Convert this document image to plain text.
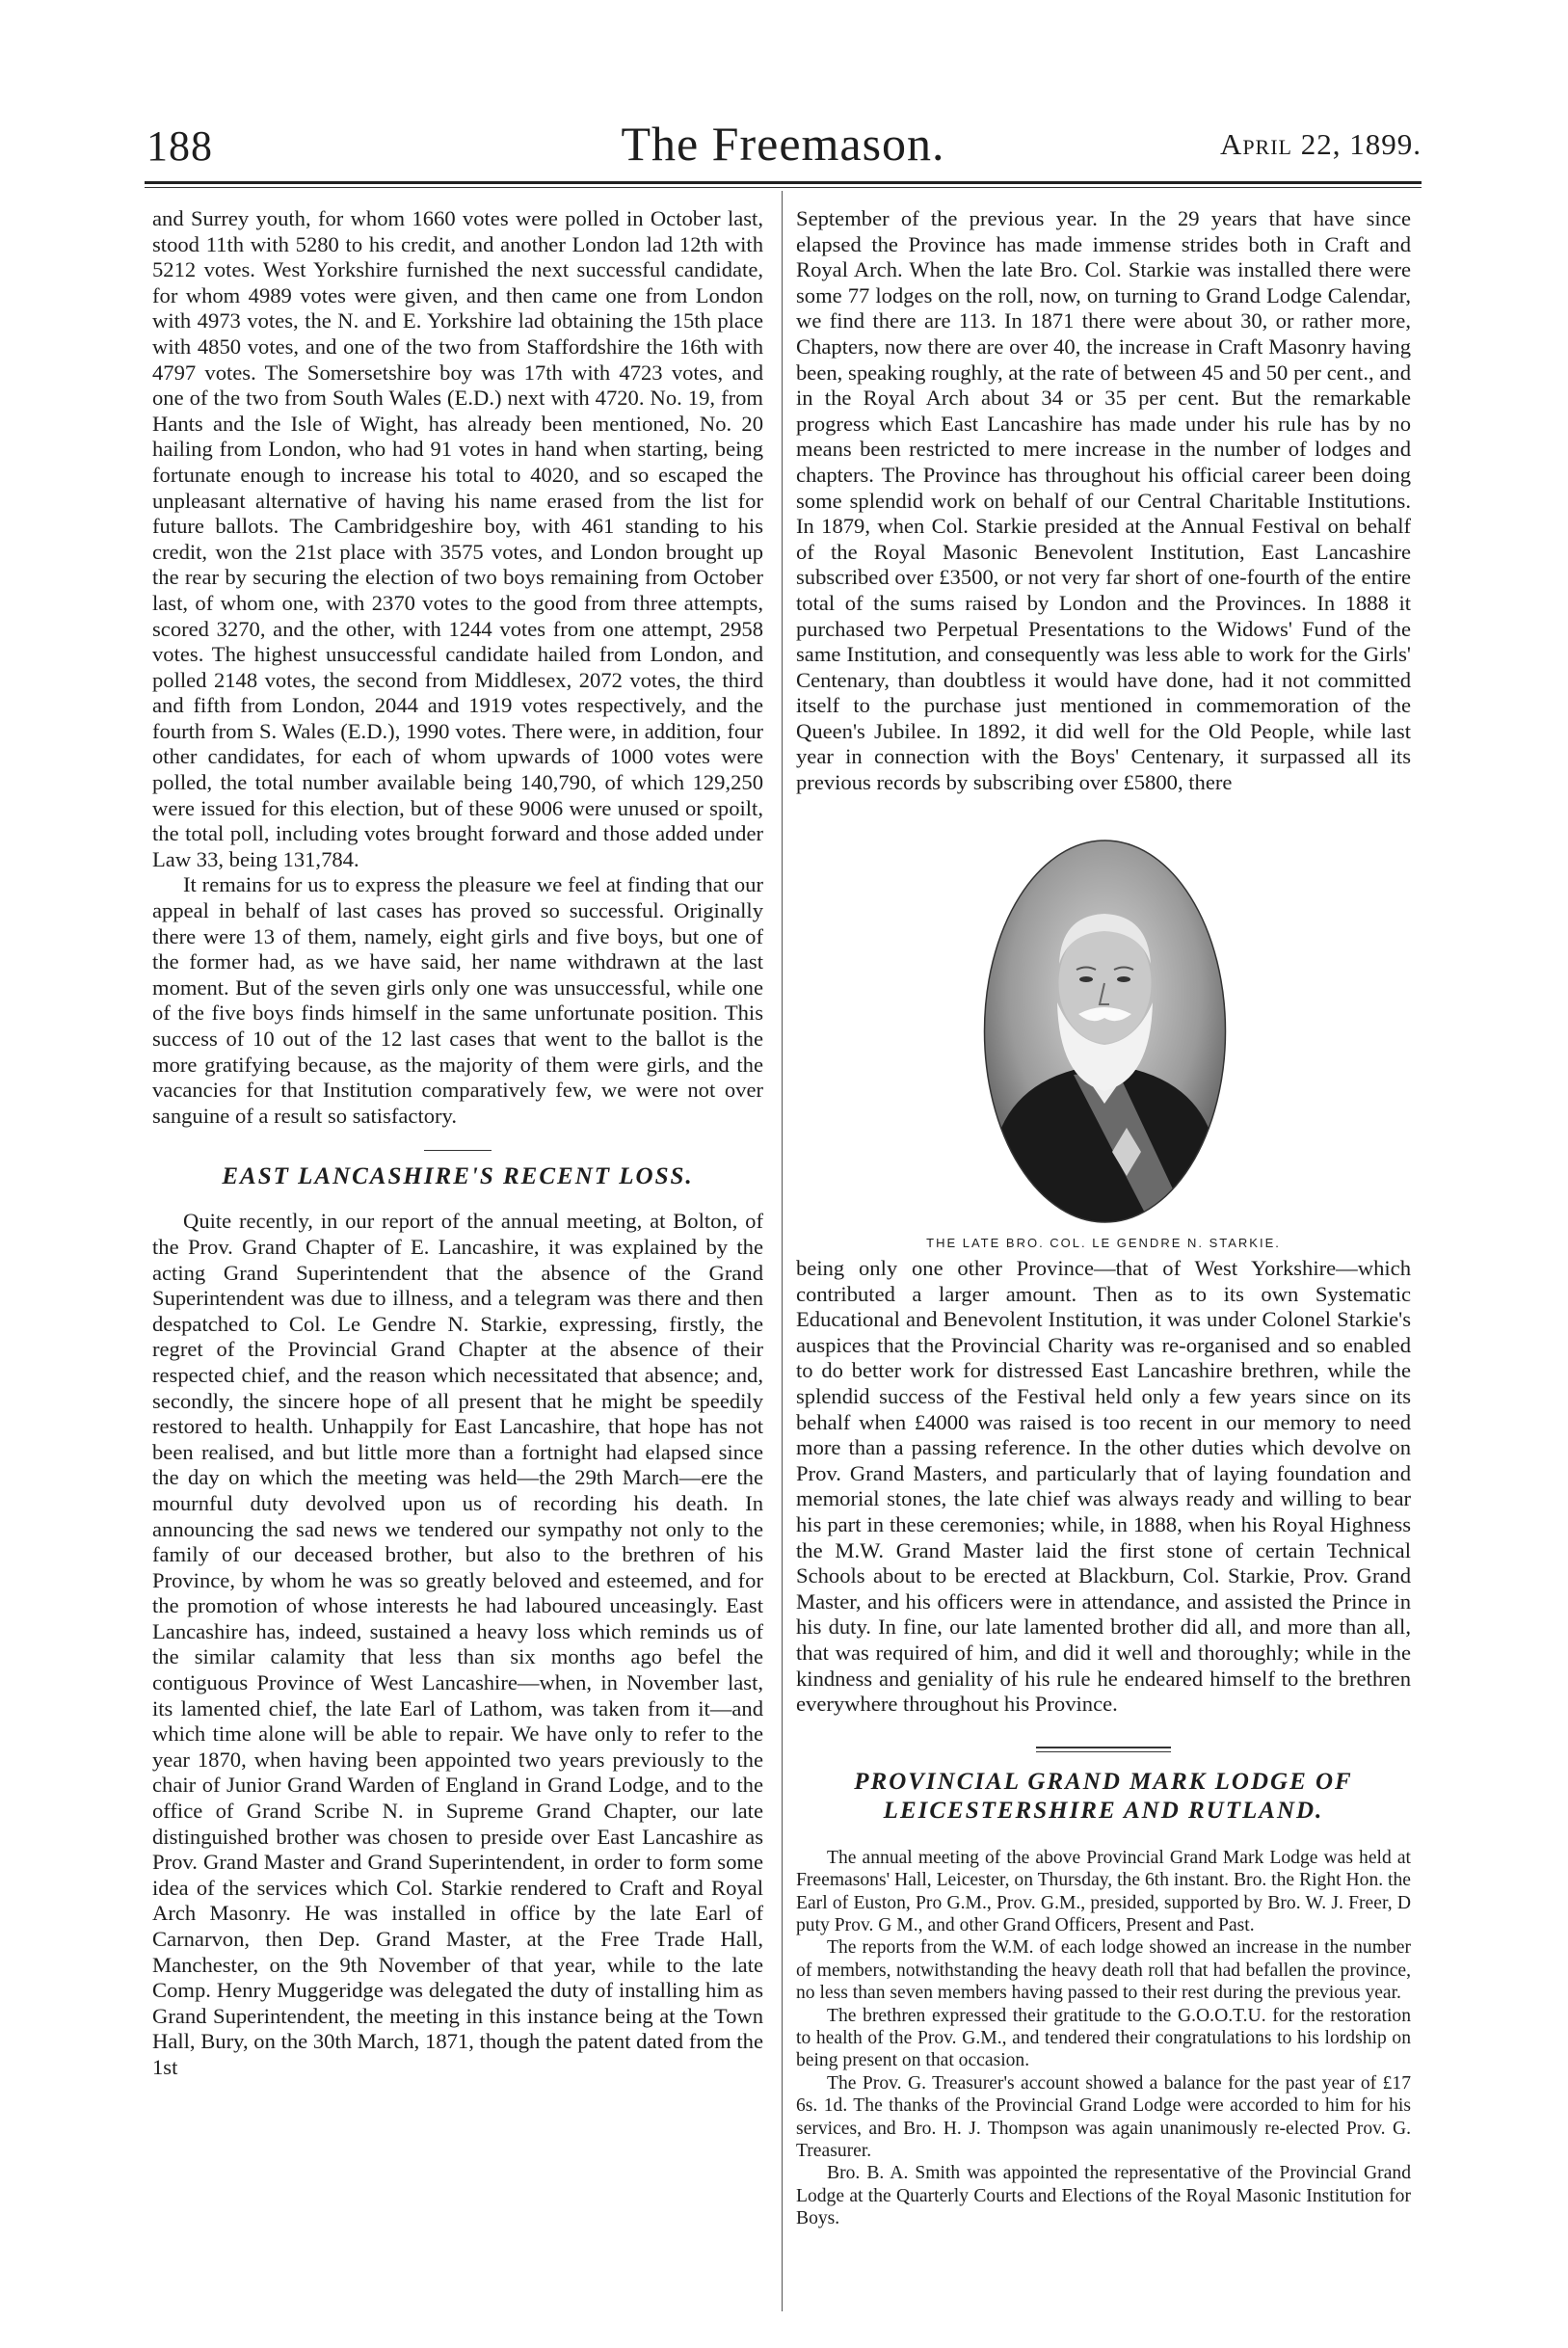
188	The Freemason.	April 22, 1899.

and Surrey youth, for whom 1660 votes were polled in October last, stood 11th with 5280 to his credit, and another London lad 12th with 5212 votes. West Yorkshire furnished the next successful candidate, for whom 4989 votes were given, and then came one from London with 4973 votes, the N. and E. Yorkshire lad obtaining the 15th place with 4850 votes, and one of the two from Staffordshire the 16th with 4797 votes. The Somersetshire boy was 17th with 4723 votes, and one of the two from South Wales (E.D.) next with 4720. No. 19, from Hants and the Isle of Wight, has already been mentioned, No. 20 hailing from London, who had 91 votes in hand when starting, being fortunate enough to increase his total to 4020, and so escaped the unpleasant alternative of having his name erased from the list for future ballots. The Cambridgeshire boy, with 461 standing to his credit, won the 21st place with 3575 votes, and London brought up the rear by securing the election of two boys remaining from October last, of whom one, with 2370 votes to the good from three attempts, scored 3270, and the other, with 1244 votes from one attempt, 2958 votes. The highest unsuccessful candidate hailed from London, and polled 2148 votes, the second from Middlesex, 2072 votes, the third and fifth from London, 2044 and 1919 votes respectively, and the fourth from S. Wales (E.D.), 1990 votes. There were, in addition, four other candidates, for each of whom upwards of 1000 votes were polled, the total number available being 140,790, of which 129,250 were issued for this election, but of these 9006 were unused or spoilt, the total poll, including votes brought forward and those added under Law 33, being 131,784.

It remains for us to express the pleasure we feel at finding that our appeal in behalf of last cases has proved so successful. Originally there were 13 of them, namely, eight girls and five boys, but one of the former had, as we have said, her name withdrawn at the last moment. But of the seven girls only one was unsuccessful, while one of the five boys finds himself in the same unfortunate position. This success of 10 out of the 12 last cases that went to the ballot is the more gratifying because, as the majority of them were girls, and the vacancies for that Institution comparatively few, we were not over sanguine of a result so satisfactory.

EAST LANCASHIRE'S RECENT LOSS.

Quite recently, in our report of the annual meeting, at Bolton, of the Prov. Grand Chapter of E. Lancashire, it was explained by the acting Grand Superintendent that the absence of the Grand Superintendent was due to illness, and a telegram was there and then despatched to Col. Le Gendre N. Starkie, expressing, firstly, the regret of the Provincial Grand Chapter at the absence of their respected chief, and the reason which necessitated that absence; and, secondly, the sincere hope of all present that he might be speedily restored to health. Unhappily for East Lancashire, that hope has not been realised, and but little more than a fortnight had elapsed since the day on which the meeting was held—the 29th March—ere the mournful duty devolved upon us of recording his death. In announcing the sad news we tendered our sympathy not only to the family of our deceased brother, but also to the brethren of his Province, by whom he was so greatly beloved and esteemed, and for the promotion of whose interests he had laboured unceasingly. East Lancashire has, indeed, sustained a heavy loss which reminds us of the similar calamity that less than six months ago befel the contiguous Province of West Lancashire—when, in November last, its lamented chief, the late Earl of Lathom, was taken from it—and which time alone will be able to repair. We have only to refer to the year 1870, when having been appointed two years previously to the chair of Junior Grand Warden of England in Grand Lodge, and to the office of Grand Scribe N. in Supreme Grand Chapter, our late distinguished brother was chosen to preside over East Lancashire as Prov. Grand Master and Grand Superintendent, in order to form some idea of the services which Col. Starkie rendered to Craft and Royal Arch Masonry. He was installed in office by the late Earl of Carnarvon, then Dep. Grand Master, at the Free Trade Hall, Manchester, on the 9th November of that year, while to the late Comp. Henry Muggeridge was delegated the duty of installing him as Grand Superintendent, the meeting in this instance being at the Town Hall, Bury, on the 30th March, 1871, though the patent dated from the 1st

September of the previous year. In the 29 years that have since elapsed the Province has made immense strides both in Craft and Royal Arch. When the late Bro. Col. Starkie was installed there were some 77 lodges on the roll, now, on turning to Grand Lodge Calendar, we find there are 113. In 1871 there were about 30, or rather more, Chapters, now there are over 40, the increase in Craft Masonry having been, speaking roughly, at the rate of between 45 and 50 per cent., and in the Royal Arch about 34 or 35 per cent. But the remarkable progress which East Lancashire has made under his rule has by no means been restricted to mere increase in the number of lodges and chapters. The Province has throughout his official career been doing some splendid work on behalf of our Central Charitable Institutions. In 1879, when Col. Starkie presided at the Annual Festival on behalf of the Royal Masonic Benevolent Institution, East Lancashire subscribed over £3500, or not very far short of one-fourth of the entire total of the sums raised by London and the Provinces. In 1888 it purchased two Perpetual Presentations to the Widows' Fund of the same Institution, and consequently was less able to work for the Girls' Centenary, than doubtless it would have done, had it not committed itself to the purchase just mentioned in commemoration of the Queen's Jubilee. In 1892, it did well for the Old People, while last year in connection with the Boys' Centenary, it surpassed all its previous records by subscribing over £5800, there

THE LATE BRO. COL. LE GENDRE N. STARKIE.

being only one other Province—that of West Yorkshire—which contributed a larger amount. Then as to its own Systematic Educational and Benevolent Institution, it was under Colonel Starkie's auspices that the Provincial Charity was re-organised and so enabled to do better work for distressed East Lancashire brethren, while the splendid success of the Festival held only a few years since on its behalf when £4000 was raised is too recent in our memory to need more than a passing reference. In the other duties which devolve on Prov. Grand Masters, and particularly that of laying foundation and memorial stones, the late chief was always ready and willing to bear his part in these ceremonies; while, in 1888, when his Royal Highness the M.W. Grand Master laid the first stone of certain Technical Schools about to be erected at Blackburn, Col. Starkie, Prov. Grand Master, and his officers were in attendance, and assisted the Prince in his duty. In fine, our late lamented brother did all, and more than all, that was required of him, and did it well and thoroughly; while in the kindness and geniality of his rule he endeared himself to the brethren everywhere throughout his Province.

PROVINCIAL GRAND MARK LODGE OF LEICESTERSHIRE AND RUTLAND.

The annual meeting of the above Provincial Grand Mark Lodge was held at Freemasons' Hall, Leicester, on Thursday, the 6th instant. Bro. the Right Hon. the Earl of Euston, Pro G.M., Prov. G.M., presided, supported by Bro. W. J. Freer, D puty Prov. G M., and other Grand Officers, Present and Past.

The reports from the W.M. of each lodge showed an increase in the number of members, notwithstanding the heavy death roll that had befallen the province, no less than seven members having passed to their rest during the previous year.

The brethren expressed their gratitude to the G.O.O.T.U. for the restoration to health of the Prov. G.M., and tendered their congratulations to his lordship on being present on that occasion.

The Prov. G. Treasurer's account showed a balance for the past year of £17 6s. 1d. The thanks of the Provincial Grand Lodge were accorded to him for his services, and Bro. H. J. Thompson was again unanimously re-elected Prov. G. Treasurer.

Bro. B. A. Smith was appointed the representative of the Provincial Grand Lodge at the Quarterly Courts and Elections of the Royal Masonic Institution for Boys.
